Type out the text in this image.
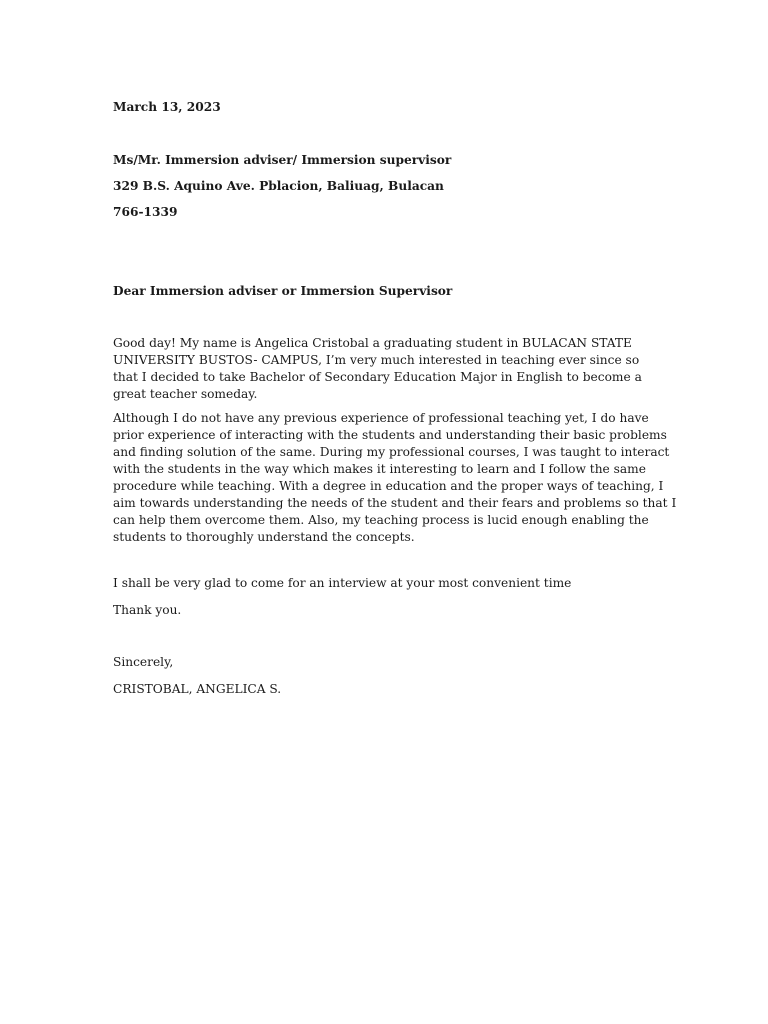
March 13, 2023
Ms/Mr. Immersion adviser/ Immersion supervisor
329 B.S. Aquino Ave. Pblacion, Baliuag, Bulacan
766-1339
Dear Immersion adviser or Immersion Supervisor
Good day! My name is Angelica Cristobal a graduating student in BULACAN STATE
UNIVERSITY BUSTOS- CAMPUS, I’m very much interested in teaching ever since so
that I decided to take Bachelor of Secondary Education Major in English to become a
great teacher someday.
Although I do not have any previous experience of professional teaching yet, I do have
prior experience of interacting with the students and understanding their basic problems
and finding solution of the same. During my professional courses, I was taught to interact
with the students in the way which makes it interesting to learn and I follow the same
procedure while teaching. With a degree in education and the proper ways of teaching, I
aim towards understanding the needs of the student and their fears and problems so that I
can help them overcome them. Also, my teaching process is lucid enough enabling the
students to thoroughly understand the concepts.
I shall be very glad to come for an interview at your most convenient time
Thank you.
Sincerely,
CRISTOBAL, ANGELICA S.
